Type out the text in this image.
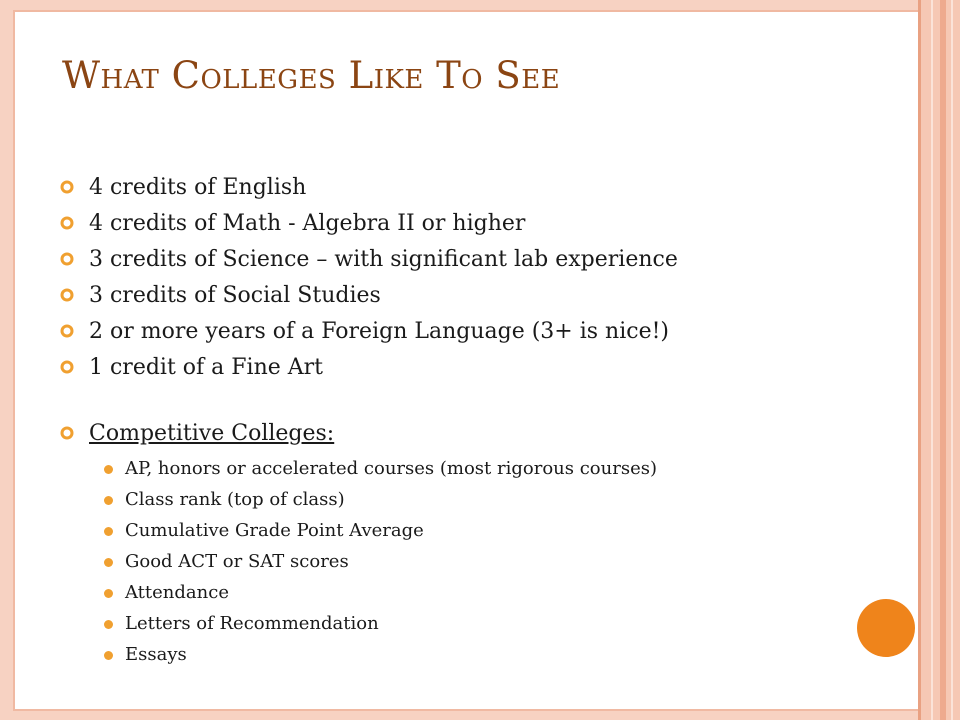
What Colleges Like To See
4 credits of English
4 credits of Math - Algebra II or higher
3 credits of Science – with significant lab experience
3 credits of Social Studies
2 or more years of a Foreign Language (3+ is nice!)
1 credit of a Fine Art
Competitive Colleges:
AP, honors or accelerated courses (most rigorous courses)
Class rank (top of class)
Cumulative Grade Point Average
Good ACT or SAT scores
Attendance
Letters of Recommendation
Essays
